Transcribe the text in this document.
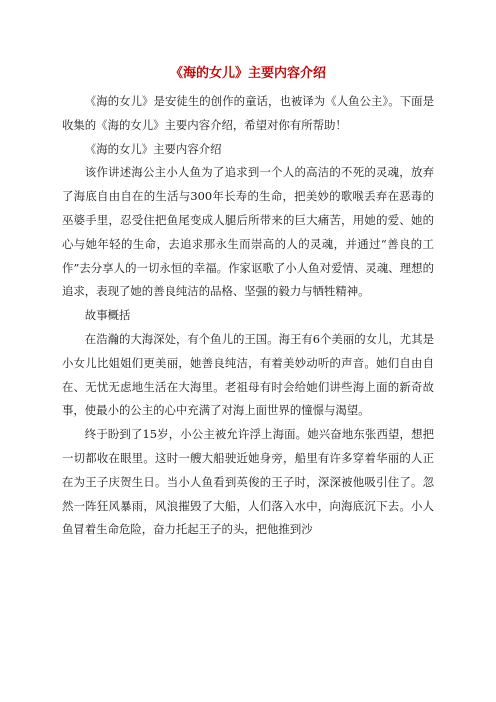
《海的女儿》主要内容介绍

《海的女儿》是安徒生的创作的童话，也被译为《人鱼公主》。下面是收集的《海的女儿》主要内容介绍，希望对你有所帮助！

《海的女儿》主要内容介绍

该作讲述海公主小人鱼为了追求到一个人的高洁的不死的灵魂，放弃了海底自由自在的生活与300年长寿的生命，把美妙的歌喉丢弃在恶毒的巫婆手里，忍受住把鱼尾变成人腿后所带来的巨大痛苦，用她的爱、她的心与她年轻的生命，去追求那永生而崇高的人的灵魂，并通过“善良的工作”去分享人的一切永恒的幸福。作家讴歌了小人鱼对爱情、灵魂、理想的追求，表现了她的善良纯洁的品格、坚强的毅力与牺牲精神。

故事概括

在浩瀚的大海深处，有个鱼儿的王国。海王有6个美丽的女儿，尤其是小女儿比姐姐们更美丽，她善良纯洁，有着美妙动听的声音。她们自由自在、无忧无虑地生活在大海里。老祖母有时会给她们讲些海上面的新奇故事，使最小的公主的心中充满了对海上面世界的憧憬与渴望。

终于盼到了15岁，小公主被允许浮上海面。她兴奋地东张西望，想把一切都收在眼里。这时一艘大船驶近她身旁，船里有许多穿着华丽的人正在为王子庆贺生日。当小人鱼看到英俊的王子时，深深被他吸引住了。忽然一阵狂风暴雨，风浪摧毁了大船，人们落入水中，向海底沉下去。小人鱼冒着生命危险，奋力托起王子的头，把他推到沙
